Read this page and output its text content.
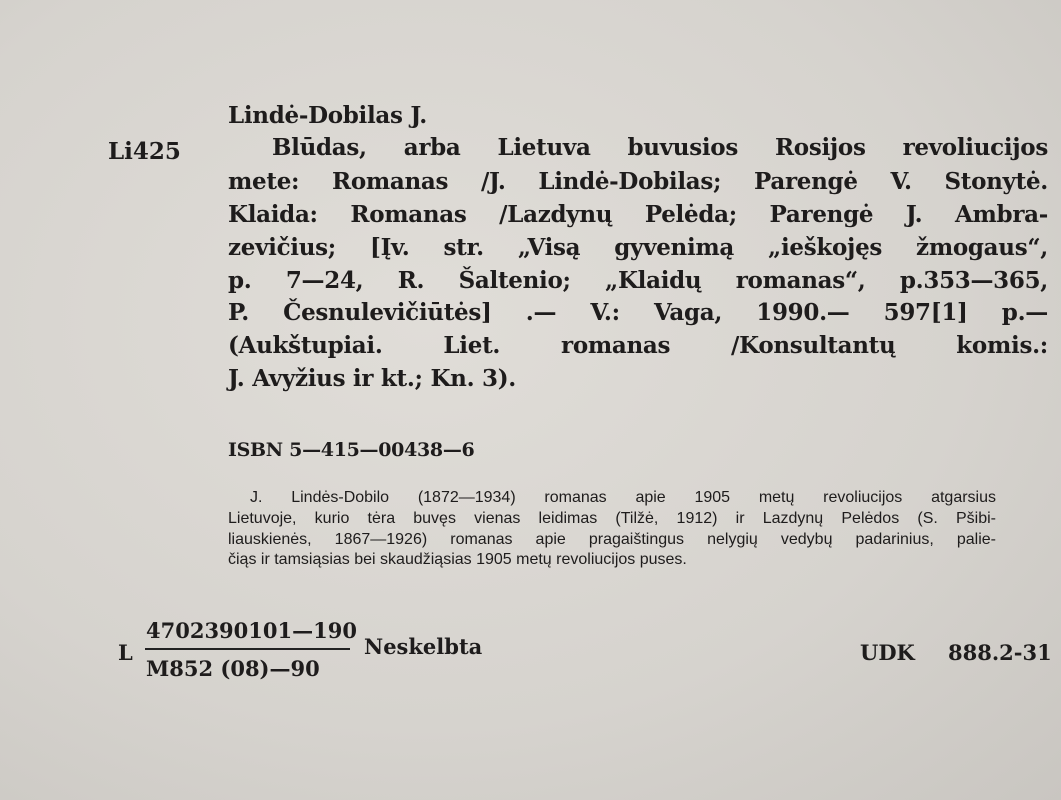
Lindė-Dobilas J.
Li425	Blūdas, arba Lietuva buvusios Rosijos revoliucijos
mete: Romanas /J. Lindė-Dobilas; Parengė V. Stonytė.
Klaida: Romanas /Lazdynų Pelėda; Parengė J. Ambra-
zevičius; [Įv. str. „Visą gyvenimą „ieškojęs žmogaus“,
p. 7—24, R. Šaltenio; „Klaidų romanas“, p.353—365,
P. Česnulevičiūtės] .— V.: Vaga, 1990.— 597[1] p.—
(Aukštupiai. Liet. romanas /Konsultantų komis.:
J. Avyžius ir kt.; Kn. 3).
ISBN 5—415—00438—6
J. Lindės-Dobilo (1872—1934) romanas apie 1905 metų revoliucijos atgarsius
Lietuvoje, kurio tėra buvęs vienas leidimas (Tilžė, 1912) ir Lazdynų Pelėdos (S. Pšibi-
liauskienės, 1867—1926) romanas apie pragaištingus nelygių vedybų padarinius, palie-
čiąs ir tamsiąsias bei skaudžiąsias 1905 metų revoliucijos puses.
L
4702390101—190
M852 (08)—90
Neskelbta	UDK 888.2-31
